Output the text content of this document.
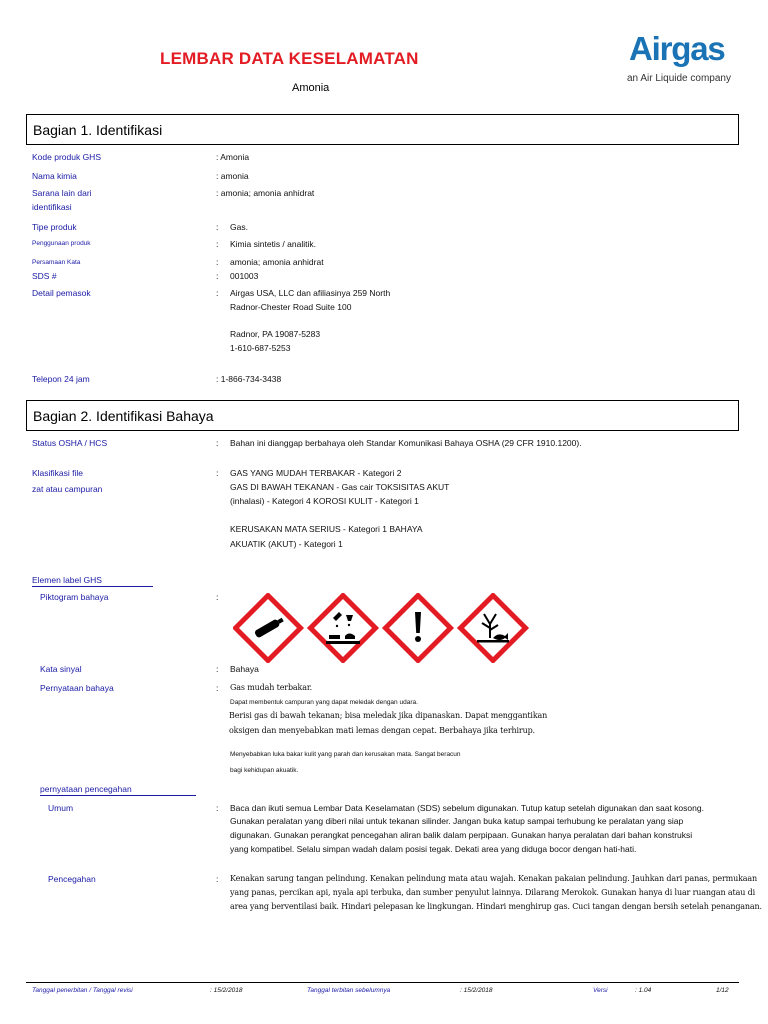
LEMBAR DATA KESELAMATAN
Amonia
Airgas
an Air Liquide company
Bagian 1. Identifikasi
Kode produk GHS	: Amonia
Nama kimia	: amonia
Sarana lain dari
identifikasi
: amonia; amonia anhidrat
Tipe produk	: Gas.
Penggunaan produk	: Kimia sintetis / analitik.
Persamaan Kata	: amonia; amonia anhidrat
SDS #	: 001003
Detail pemasok	: Airgas USA, LLC dan afiliasinya 259 North
Radnor-Chester Road Suite 100
Radnor, PA 19087-5283
1-610-687-5253
Telepon 24 jam	: 1-866-734-3438
Bagian 2. Identifikasi Bahaya
Status OSHA / HCS	: Bahan ini dianggap berbahaya oleh Standar Komunikasi Bahaya OSHA (29 CFR 1910.1200).
Klasifikasi file
zat atau campuran
: GAS YANG MUDAH TERBAKAR - Kategori 2
GAS DI BAWAH TEKANAN - Gas cair TOKSISITAS AKUT
(inhalasi) - Kategori 4 KOROSI KULIT - Kategori 1
KERUSAKAN MATA SERIUS - Kategori 1 BAHAYA
AKUATIK (AKUT) - Kategori 1
Elemen label GHS
Piktogram bahaya	:
Kata sinyal	: Bahaya
Pernyataan bahaya	: Gas mudah terbakar.
Dapat membentuk campuran yang dapat meledak dengan udara.
Berisi gas di bawah tekanan; bisa meledak jika dipanaskan. Dapat menggantikan
oksigen dan menyebabkan mati lemas dengan cepat. Berbahaya jika terhirup.
Menyebabkan luka bakar kulit yang parah dan kerusakan mata. Sangat beracun
bagi kehidupan akuatik.
pernyataan pencegahan
Umum	: Baca dan ikuti semua Lembar Data Keselamatan (SDS) sebelum digunakan. Tutup katup setelah digunakan dan saat kosong.
Gunakan peralatan yang diberi nilai untuk tekanan silinder. Jangan buka katup sampai terhubung ke peralatan yang siap
digunakan. Gunakan perangkat pencegahan aliran balik dalam perpipaan. Gunakan hanya peralatan dari bahan konstruksi
yang kompatibel. Selalu simpan wadah dalam posisi tegak. Dekati area yang diduga bocor dengan hati-hati.
Pencegahan	: Kenakan sarung tangan pelindung. Kenakan pelindung mata atau wajah. Kenakan pakaian pelindung. Jauhkan dari panas, permukaan
yang panas, percikan api, nyala api terbuka, dan sumber penyulut lainnya. Dilarang Merokok. Gunakan hanya di luar ruangan atau di
area yang berventilasi baik. Hindari pelepasan ke lingkungan. Hindari menghirup gas. Cuci tangan dengan bersih setelah penanganan.
Tanggal penerbitan / Tanggal revisi	: 15/2/2018	Tanggal terbitan sebelumnya	: 15/2/2018	Versi	: 1.04	1/12
